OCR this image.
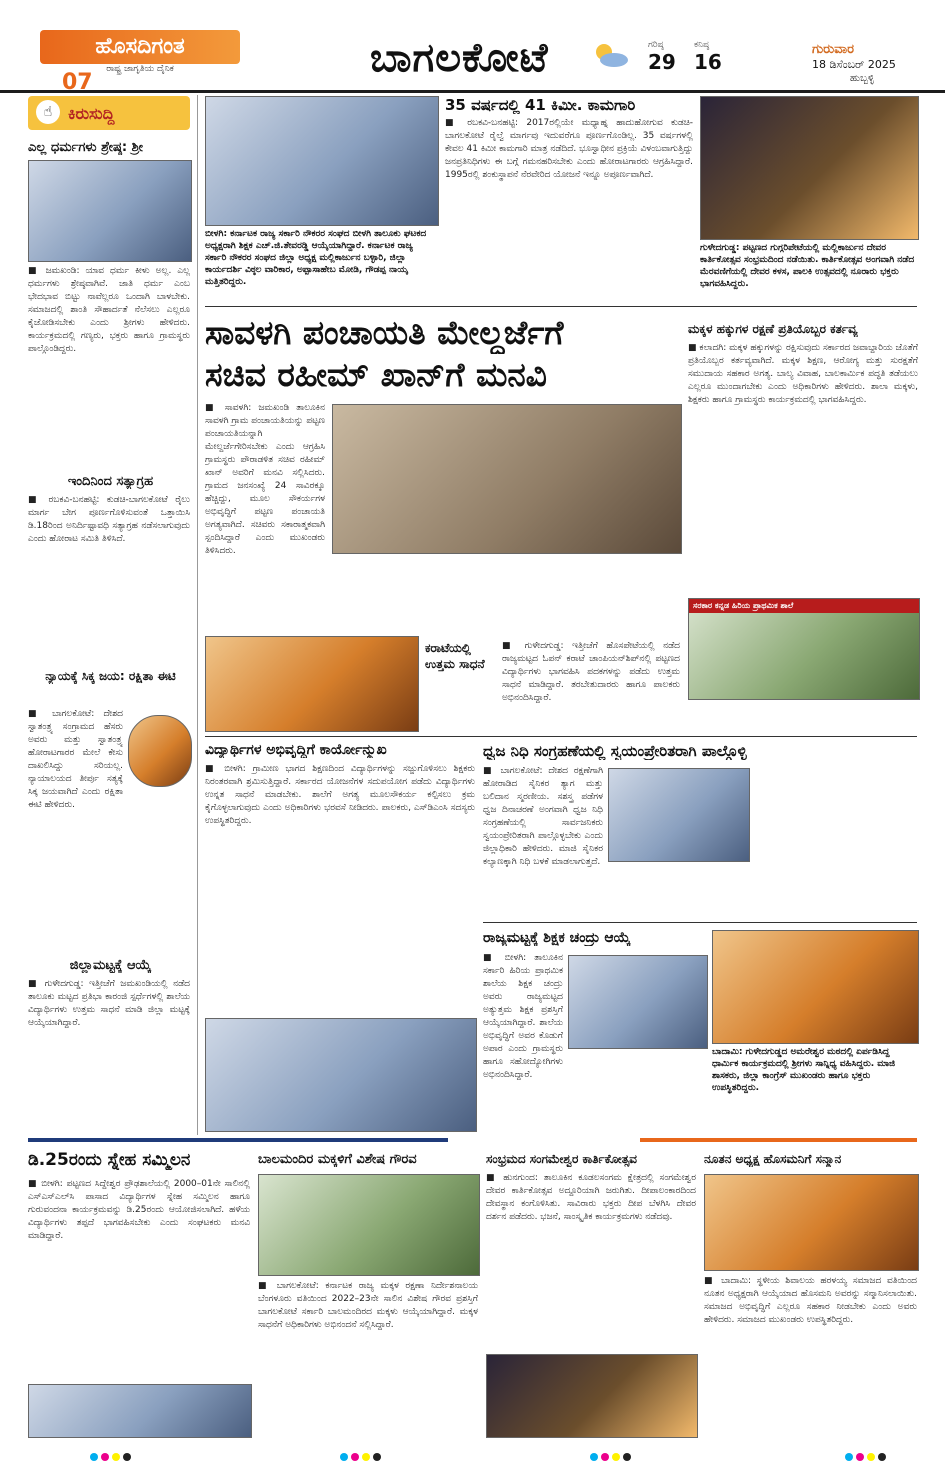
ಹೊಸದಿಗಂತ
ರಾಷ್ಟ್ರ ಜಾಗೃತಿಯ ದೈನಿಕ
07
ಬಾಗಲಕೋಟೆ	ಗರಿಷ್ಠ
29
ಕನಿಷ್ಠ
16
ಗುರುವಾರ
18 ಡಿಸೆಂಬರ್ 2025
ಹುಬ್ಬಳ್ಳಿ
☝ ಕಿರುಸುದ್ದಿ
ಎಲ್ಲ ಧರ್ಮಗಳು ಶ್ರೇಷ್ಠ: ಶ್ರೀ
■ ಜಮಖಂಡಿ: ಯಾವ ಧರ್ಮ ಕೀಳು ಅಲ್ಲ. ಎಲ್ಲ ಧರ್ಮಗಳು ಶ್ರೇಷ್ಠವಾಗಿವೆ. ಜಾತಿ ಧರ್ಮ ಎಂಬ ಭೇದಭಾವ ಬಿಟ್ಟು ನಾವೆಲ್ಲರೂ ಒಂದಾಗಿ ಬಾಳಬೇಕು. ಸಮಾಜದಲ್ಲಿ ಶಾಂತಿ ಸೌಹಾರ್ದತೆ ನೆಲೆಸಲು ಎಲ್ಲರೂ ಕೈಜೋಡಿಸಬೇಕು ಎಂದು ಶ್ರೀಗಳು ಹೇಳಿದರು. ಕಾರ್ಯಕ್ರಮದಲ್ಲಿ ಗಣ್ಯರು, ಭಕ್ತರು ಹಾಗೂ ಗ್ರಾಮಸ್ಥರು ಪಾಲ್ಗೊಂಡಿದ್ದರು.
ಇಂದಿನಿಂದ ಸತ್ಯಾಗ್ರಹ
■ ರಬಕವಿ-ಬನಹಟ್ಟಿ: ಕುಡಚಿ-ಬಾಗಲಕೋಟೆ ರೈಲು ಮಾರ್ಗ ಬೇಗ ಪೂರ್ಣಗೊಳಿಸುವಂತೆ ಒತ್ತಾಯಿಸಿ ಡಿ.18ರಿಂದ ಅನಿರ್ದಿಷ್ಟಾವಧಿ ಸತ್ಯಾಗ್ರಹ ನಡೆಸಲಾಗುವುದು ಎಂದು ಹೋರಾಟ ಸಮಿತಿ ತಿಳಿಸಿದೆ.
ನ್ಯಾಯಕ್ಕೆ ಸಿಕ್ಕ ಜಯ: ರಕ್ಷಿತಾ ಈಟಿ
■ ಬಾಗಲಕೋಟೆ: ದೇಶದ ಸ್ವಾತಂತ್ರ್ಯ ಸಂಗ್ರಾಮದ ಹೆಸರು ಅವರು ಮತ್ತು ಸ್ವಾತಂತ್ರ್ಯ ಹೋರಾಟಗಾರರ ಮೇಲೆ ಕೇಸು ದಾಖಲಿಸಿದ್ದು ಸರಿಯಲ್ಲ. ನ್ಯಾಯಾಲಯದ ತೀರ್ಪು ಸತ್ಯಕ್ಕೆ ಸಿಕ್ಕ ಜಯವಾಗಿದೆ ಎಂದು ರಕ್ಷಿತಾ ಈಟಿ ಹೇಳಿದರು.
ಜಿಲ್ಲಾಮಟ್ಟಕ್ಕೆ ಆಯ್ಕೆ
■ ಗುಳೇದಗುಡ್ಡ: ಇತ್ತೀಚೆಗೆ ಜಮಖಂಡಿಯಲ್ಲಿ ನಡೆದ ತಾಲೂಕು ಮಟ್ಟದ ಪ್ರತಿಭಾ ಕಾರಂಜಿ ಸ್ಪರ್ಧೆಗಳಲ್ಲಿ ಶಾಲೆಯ ವಿದ್ಯಾರ್ಥಿಗಳು ಉತ್ತಮ ಸಾಧನೆ ಮಾಡಿ ಜಿಲ್ಲಾ ಮಟ್ಟಕ್ಕೆ ಆಯ್ಕೆಯಾಗಿದ್ದಾರೆ.
ಬೀಳಗಿ: ಕರ್ನಾಟಕ ರಾಜ್ಯ ಸರ್ಕಾರಿ ನೌಕರರ ಸಂಘದ ಬೀಳಗಿ ತಾಲೂಕು ಘಟಕದ ಅಧ್ಯಕ್ಷರಾಗಿ ಶಿಕ್ಷಕ ಎಚ್.ಜಿ.ತೇವರಡ್ಡಿ ಆಯ್ಕೆಯಾಗಿದ್ದಾರೆ. ಕರ್ನಾಟಕ ರಾಜ್ಯ ಸರ್ಕಾರಿ ನೌಕರರ ಸಂಘದ ಜಿಲ್ಲಾ ಅಧ್ಯಕ್ಷ ಮಲ್ಲಿಕಾರ್ಜುನ ಬಳ್ಳಾರಿ, ಜಿಲ್ಲಾ ಕಾರ್ಯದರ್ಶಿ ವಿಠ್ಠಲ ವಾರಿಕಾರ, ಅಪ್ಪಾಸಾಹೇಬ ಮೋಡಿ, ಗೌಡಪ್ಪ ನಾಯ್ಕ ಮತ್ತಿತರಿದ್ದರು.
35 ವರ್ಷದಲ್ಲಿ 41 ಕಿಮೀ. ಕಾಮಗಾರಿ
■ ರಬಕವಿ-ಬನಹಟ್ಟಿ: 2017ರಲ್ಲಿಯೇ ಮಧ್ಯಾಹ್ನ ಹಾದುಹೋಗುವ ಕುಡಚಿ-ಬಾಗಲಕೋಟೆ ರೈಲ್ವೆ ಮಾರ್ಗವು ಇದುವರೆಗೂ ಪೂರ್ಣಗೊಂಡಿಲ್ಲ. 35 ವರ್ಷಗಳಲ್ಲಿ ಕೇವಲ 41 ಕಿಮೀ ಕಾಮಗಾರಿ ಮಾತ್ರ ನಡೆದಿದೆ. ಭೂಸ್ವಾಧೀನ ಪ್ರಕ್ರಿಯೆ ವಿಳಂಬವಾಗುತ್ತಿದ್ದು ಜನಪ್ರತಿನಿಧಿಗಳು ಈ ಬಗ್ಗೆ ಗಮನಹರಿಸಬೇಕು ಎಂದು ಹೋರಾಟಗಾರರು ಆಗ್ರಹಿಸಿದ್ದಾರೆ. 1995ರಲ್ಲಿ ಶಂಕುಸ್ಥಾಪನೆ ನೆರವೇರಿದ ಯೋಜನೆ ಇನ್ನೂ ಅಪೂರ್ಣವಾಗಿದೆ.
ಗುಳೇದಗುಡ್ಡ: ಪಟ್ಟಣದ ಗುಗ್ಗರಿಪೇಟೆಯಲ್ಲಿ ಮಲ್ಲಿಕಾರ್ಜುನ ದೇವರ ಕಾರ್ತಿಕೋತ್ಸವ ಸಂಭ್ರಮದಿಂದ ನಡೆಯಿತು. ಕಾರ್ತಿಕೋತ್ಸವ ಅಂಗವಾಗಿ ನಡೆದ ಮೆರವಣಿಗೆಯಲ್ಲಿ ದೇವರ ಕಳಸ, ಪಾಲಕಿ ಉತ್ಸವದಲ್ಲಿ ನೂರಾರು ಭಕ್ತರು ಭಾಗವಹಿಸಿದ್ದರು.
ಸಾವಳಗಿ ಪಂಚಾಯತಿ ಮೇಲ್ದರ್ಜೆಗೆ
ಸಚಿವ ರಹೀಮ್ ಖಾನ್‌ಗೆ ಮನವಿ
■ ಸಾವಳಗಿ: ಜಮಖಂಡಿ ತಾಲೂಕಿನ ಸಾವಳಗಿ ಗ್ರಾಮ ಪಂಚಾಯತಿಯನ್ನು ಪಟ್ಟಣ ಪಂಚಾಯತಿಯನ್ನಾಗಿ ಮೇಲ್ದರ್ಜೆಗೇರಿಸಬೇಕು ಎಂದು ಆಗ್ರಹಿಸಿ ಗ್ರಾಮಸ್ಥರು ಪೌರಾಡಳಿತ ಸಚಿವ ರಹೀಮ್ ಖಾನ್ ಅವರಿಗೆ ಮನವಿ ಸಲ್ಲಿಸಿದರು. ಗ್ರಾಮದ ಜನಸಂಖ್ಯೆ 24 ಸಾವಿರಕ್ಕೂ ಹೆಚ್ಚಿದ್ದು, ಮೂಲ ಸೌಕರ್ಯಗಳ ಅಭಿವೃದ್ಧಿಗೆ ಪಟ್ಟಣ ಪಂಚಾಯತಿ ಅಗತ್ಯವಾಗಿದೆ. ಸಚಿವರು ಸಕಾರಾತ್ಮಕವಾಗಿ ಸ್ಪಂದಿಸಿದ್ದಾರೆ ಎಂದು ಮುಖಂಡರು ತಿಳಿಸಿದರು.
ಮಕ್ಕಳ ಹಕ್ಕುಗಳ ರಕ್ಷಣೆ ಪ್ರತಿಯೊಬ್ಬರ ಕರ್ತವ್ಯ
■ ಕಲಾದಗಿ: ಮಕ್ಕಳ ಹಕ್ಕುಗಳನ್ನು ರಕ್ಷಿಸುವುದು ಸರ್ಕಾರದ ಜವಾಬ್ದಾರಿಯ ಜೊತೆಗೆ ಪ್ರತಿಯೊಬ್ಬರ ಕರ್ತವ್ಯವಾಗಿದೆ. ಮಕ್ಕಳ ಶಿಕ್ಷಣ, ಆರೋಗ್ಯ ಮತ್ತು ಸುರಕ್ಷತೆಗೆ ಸಮುದಾಯ ಸಹಕಾರ ಅಗತ್ಯ. ಬಾಲ್ಯ ವಿವಾಹ, ಬಾಲಕಾರ್ಮಿಕ ಪದ್ಧತಿ ತಡೆಯಲು ಎಲ್ಲರೂ ಮುಂದಾಗಬೇಕು ಎಂದು ಅಧಿಕಾರಿಗಳು ಹೇಳಿದರು. ಶಾಲಾ ಮಕ್ಕಳು, ಶಿಕ್ಷಕರು ಹಾಗೂ ಗ್ರಾಮಸ್ಥರು ಕಾರ್ಯಕ್ರಮದಲ್ಲಿ ಭಾಗವಹಿಸಿದ್ದರು.
ಸರಕಾರ ಕನ್ನಡ ಹಿರಿಯ ಪ್ರಾಥಮಿಕ ಶಾಲೆ
ಕರಾಟೆಯಲ್ಲಿ ಉತ್ತಮ ಸಾಧನೆ
■ ಗುಳೇದಗುಡ್ಡ: ಇತ್ತೀಚೆಗೆ ಹೊಸಪೇಟೆಯಲ್ಲಿ ನಡೆದ ರಾಜ್ಯಮಟ್ಟದ ಓಪನ್ ಕರಾಟೆ ಚಾಂಪಿಯನ್‌ಶಿಪ್‌ನಲ್ಲಿ ಪಟ್ಟಣದ ವಿದ್ಯಾರ್ಥಿಗಳು ಭಾಗವಹಿಸಿ ಪದಕಗಳನ್ನು ಪಡೆದು ಉತ್ತಮ ಸಾಧನೆ ಮಾಡಿದ್ದಾರೆ. ತರಬೇತುದಾರರು ಹಾಗೂ ಪಾಲಕರು ಅಭಿನಂದಿಸಿದ್ದಾರೆ.
ವಿದ್ಯಾರ್ಥಿಗಳ ಅಭಿವೃದ್ಧಿಗೆ ಕಾರ್ಯೋನ್ಮುಖ
■ ಬೀಳಗಿ: ಗ್ರಾಮೀಣ ಭಾಗದ ಶಿಕ್ಷಣದಿಂದ ವಿದ್ಯಾರ್ಥಿಗಳನ್ನು ಸಜ್ಜುಗೊಳಿಸಲು ಶಿಕ್ಷಕರು ನಿರಂತರವಾಗಿ ಶ್ರಮಿಸುತ್ತಿದ್ದಾರೆ. ಸರ್ಕಾರದ ಯೋಜನೆಗಳ ಸದುಪಯೋಗ ಪಡೆದು ವಿದ್ಯಾರ್ಥಿಗಳು ಉನ್ನತ ಸಾಧನೆ ಮಾಡಬೇಕು. ಶಾಲೆಗೆ ಅಗತ್ಯ ಮೂಲಸೌಕರ್ಯ ಕಲ್ಪಿಸಲು ಕ್ರಮ ಕೈಗೊಳ್ಳಲಾಗುವುದು ಎಂದು ಅಧಿಕಾರಿಗಳು ಭರವಸೆ ನೀಡಿದರು. ಪಾಲಕರು, ಎಸ್‌ಡಿಎಂಸಿ ಸದಸ್ಯರು ಉಪಸ್ಥಿತರಿದ್ದರು.
ಧ್ವಜ ನಿಧಿ ಸಂಗ್ರಹಣೆಯಲ್ಲಿ ಸ್ವಯಂಪ್ರೇರಿತರಾಗಿ ಪಾಲ್ಗೊಳ್ಳಿ
■ ಬಾಗಲಕೋಟೆ: ದೇಶದ ರಕ್ಷಣೆಗಾಗಿ ಹೋರಾಡಿದ ಸೈನಿಕರ ತ್ಯಾಗ ಮತ್ತು ಬಲಿದಾನ ಸ್ಮರಣೀಯ. ಸಶಸ್ತ್ರ ಪಡೆಗಳ ಧ್ವಜ ದಿನಾಚರಣೆ ಅಂಗವಾಗಿ ಧ್ವಜ ನಿಧಿ ಸಂಗ್ರಹಣೆಯಲ್ಲಿ ಸಾರ್ವಜನಿಕರು ಸ್ವಯಂಪ್ರೇರಿತರಾಗಿ ಪಾಲ್ಗೊಳ್ಳಬೇಕು ಎಂದು ಜಿಲ್ಲಾಧಿಕಾರಿ ಹೇಳಿದರು. ಮಾಜಿ ಸೈನಿಕರ ಕಲ್ಯಾಣಕ್ಕಾಗಿ ನಿಧಿ ಬಳಕೆ ಮಾಡಲಾಗುತ್ತದೆ.
ರಾಜ್ಯಮಟ್ಟಕ್ಕೆ ಶಿಕ್ಷಕ ಚಂದ್ರು ಆಯ್ಕೆ
■ ಬೀಳಗಿ: ತಾಲೂಕಿನ ಸರ್ಕಾರಿ ಹಿರಿಯ ಪ್ರಾಥಮಿಕ ಶಾಲೆಯ ಶಿಕ್ಷಕ ಚಂದ್ರು ಅವರು ರಾಜ್ಯಮಟ್ಟದ ಅತ್ಯುತ್ತಮ ಶಿಕ್ಷಕ ಪ್ರಶಸ್ತಿಗೆ ಆಯ್ಕೆಯಾಗಿದ್ದಾರೆ. ಶಾಲೆಯ ಅಭಿವೃದ್ಧಿಗೆ ಅವರ ಕೊಡುಗೆ ಅಪಾರ ಎಂದು ಗ್ರಾಮಸ್ಥರು ಹಾಗೂ ಸಹೋದ್ಯೋಗಿಗಳು ಅಭಿನಂದಿಸಿದ್ದಾರೆ.
ಬಾದಾಮಿ: ಗುಳೇದಗುಡ್ಡದ ಅಮರೇಶ್ವರ ಮಠದಲ್ಲಿ ಏರ್ಪಡಿಸಿದ್ದ ಧಾರ್ಮಿಕ ಕಾರ್ಯಕ್ರಮದಲ್ಲಿ ಶ್ರೀಗಳು ಸಾನ್ನಿಧ್ಯ ವಹಿಸಿದ್ದರು. ಮಾಜಿ ಶಾಸಕರು, ಜಿಲ್ಲಾ ಕಾಂಗ್ರೆಸ್ ಮುಖಂಡರು ಹಾಗೂ ಭಕ್ತರು ಉಪಸ್ಥಿತರಿದ್ದರು.
ಡಿ.25ರಂದು ಸ್ನೇಹ ಸಮ್ಮಿಲನ
■ ಬೀಳಗಿ: ಪಟ್ಟಣದ ಸಿದ್ದೇಶ್ವರ ಪ್ರೌಢಶಾಲೆಯಲ್ಲಿ 2000–01ನೇ ಸಾಲಿನಲ್ಲಿ ಎಸ್‌ಎಸ್‌ಎಲ್‌ಸಿ ಪಾಸಾದ ವಿದ್ಯಾರ್ಥಿಗಳ ಸ್ನೇಹ ಸಮ್ಮಿಲನ ಹಾಗೂ ಗುರುವಂದನಾ ಕಾರ್ಯಕ್ರಮವನ್ನು ಡಿ.25ರಂದು ಆಯೋಜಿಸಲಾಗಿದೆ. ಹಳೆಯ ವಿದ್ಯಾರ್ಥಿಗಳು ತಪ್ಪದೆ ಭಾಗವಹಿಸಬೇಕು ಎಂದು ಸಂಘಟಕರು ಮನವಿ ಮಾಡಿದ್ದಾರೆ.
ಬಾಲಮಂದಿರ ಮಕ್ಕಳಿಗೆ ವಿಶೇಷ ಗೌರವ
■ ಬಾಗಲಕೋಟೆ: ಕರ್ನಾಟಕ ರಾಜ್ಯ ಮಕ್ಕಳ ರಕ್ಷಣಾ ನಿರ್ದೇಶನಾಲಯ ಬೆಂಗಳೂರು ವತಿಯಿಂದ 2022–23ನೇ ಸಾಲಿನ ವಿಶೇಷ ಗೌರವ ಪ್ರಶಸ್ತಿಗೆ ಬಾಗಲಕೋಟೆ ಸರ್ಕಾರಿ ಬಾಲಮಂದಿರದ ಮಕ್ಕಳು ಆಯ್ಕೆಯಾಗಿದ್ದಾರೆ. ಮಕ್ಕಳ ಸಾಧನೆಗೆ ಅಧಿಕಾರಿಗಳು ಅಭಿನಂದನೆ ಸಲ್ಲಿಸಿದ್ದಾರೆ.
ಸಂಭ್ರಮದ ಸಂಗಮೇಶ್ವರ ಕಾರ್ತಿಕೋತ್ಸವ
■ ಹುನಗುಂದ: ತಾಲೂಕಿನ ಕೂಡಲಸಂಗಮ ಕ್ಷೇತ್ರದಲ್ಲಿ ಸಂಗಮೇಶ್ವರ ದೇವರ ಕಾರ್ತಿಕೋತ್ಸವ ಅದ್ದೂರಿಯಾಗಿ ಜರುಗಿತು. ದೀಪಾಲಂಕಾರದಿಂದ ದೇವಸ್ಥಾನ ಕಂಗೊಳಿಸಿತು. ಸಾವಿರಾರು ಭಕ್ತರು ದೀಪ ಬೆಳಗಿಸಿ ದೇವರ ದರ್ಶನ ಪಡೆದರು. ಭಜನೆ, ಸಾಂಸ್ಕೃತಿಕ ಕಾರ್ಯಕ್ರಮಗಳು ನಡೆದವು.
ನೂತನ ಅಧ್ಯಕ್ಷ ಹೊಸಮನಿಗೆ ಸನ್ಮಾನ
■ ಬಾದಾಮಿ: ಸ್ಥಳೀಯ ಶಿವಾಲಯ ಹರಳಯ್ಯ ಸಮಾಜದ ವತಿಯಿಂದ ನೂತನ ಅಧ್ಯಕ್ಷರಾಗಿ ಆಯ್ಕೆಯಾದ ಹೊಸಮನಿ ಅವರನ್ನು ಸನ್ಮಾನಿಸಲಾಯಿತು. ಸಮಾಜದ ಅಭಿವೃದ್ಧಿಗೆ ಎಲ್ಲರೂ ಸಹಕಾರ ನೀಡಬೇಕು ಎಂದು ಅವರು ಹೇಳಿದರು. ಸಮಾಜದ ಮುಖಂಡರು ಉಪಸ್ಥಿತರಿದ್ದರು.
